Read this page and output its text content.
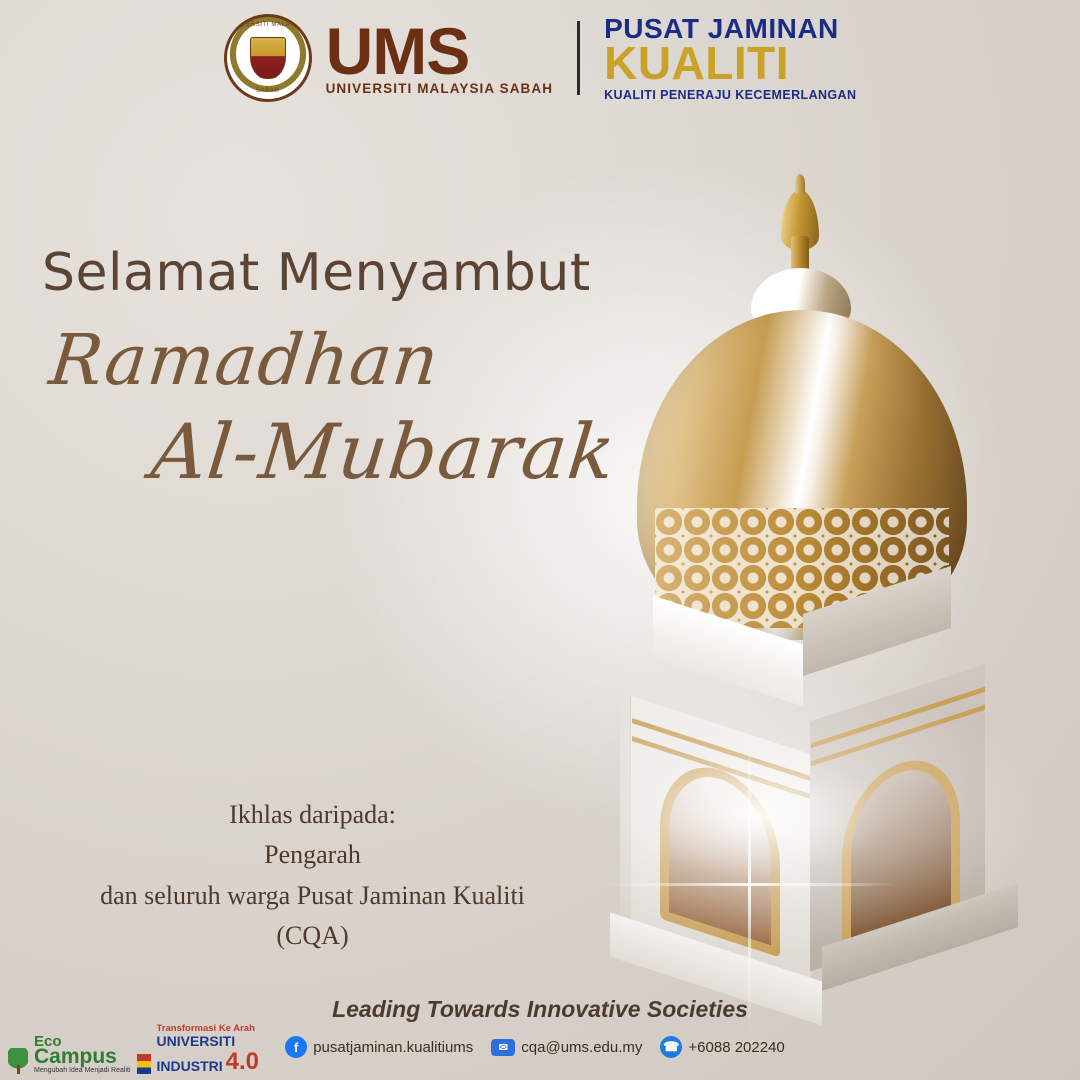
UNIVERSITI MALAYSIA
SABAH
UMS
UNIVERSITI MALAYSIA SABAH
PUSAT JAMINAN
KUALITI
KUALITI PENERAJU KECEMERLANGAN
Selamat Menyambut
Ramadhan Al-Mubarak
Ikhlas daripada:
Pengarah
dan seluruh warga Pusat Jaminan Kualiti
(CQA)
Leading Towards Innovative Societies
f pusatjaminan.kualitiums	✉ cqa@ums.edu.my ☎ +6088 202240
Eco
Campus
Mengubah Idea Menjadi Realiti
Transformasi Ke Arah
UNIVERSITI
INDUSTRI 4.0
